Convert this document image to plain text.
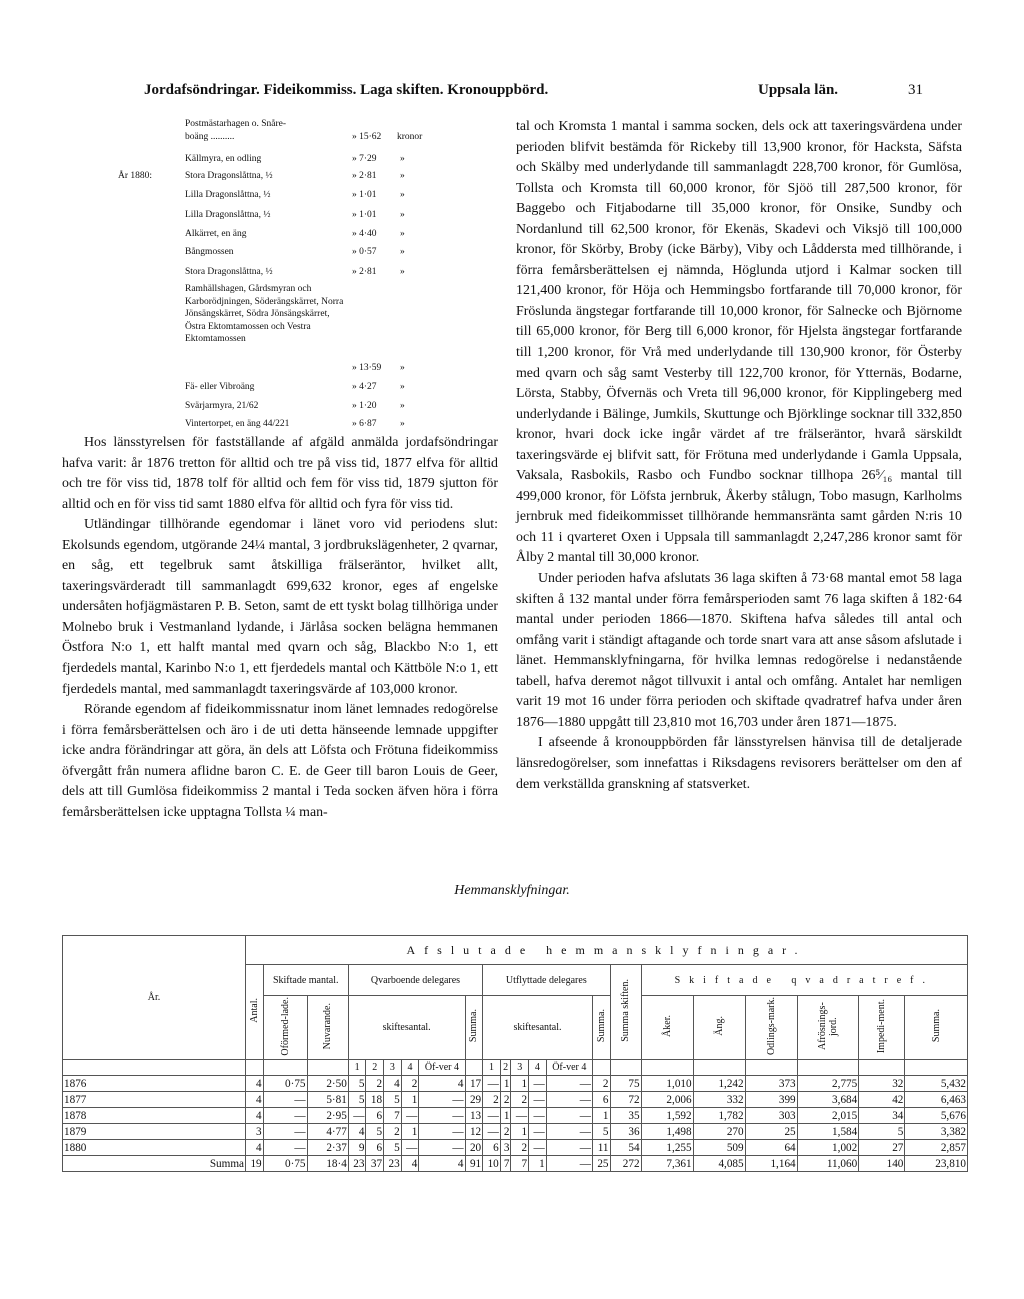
Jordafsöndringar. Fideikommiss. Laga skiften. Kronouppbörd.	Uppsala län.	31
Postmästarhagen o. Snåre-
boäng ..........	» 15·62	kronor
Källmyra, en odling	» 7·29	»
År 1880:	Stora Dragonslåttna, ½	» 2·81	»
Lilla Dragonslåttna, ½	» 1·01	»
Lilla Dragonslåttna, ½	» 1·01	»
Alkärret, en äng	» 4·40	»
Bångmossen	» 0·57	»
Stora Dragonslåttna, ½	» 2·81	»
Ramhällshagen, Gårdsmyran och Karborödjningen, Söderängskärret, Norra Jönsängskärret, Södra Jönsängskärret, Östra Ektomtamossen och Vestra Ektomtamossen
» 13·59	»
Fä- eller Vibroäng	» 4·27	»
Svärjarmyra, 21/62	» 1·20	»
Vintertorpet, en äng 44/221	» 6·87	»

Hos länsstyrelsen för fastställande af afgäld anmälda jordafsöndringar hafva varit: år 1876 tretton för alltid och tre på viss tid, 1877 elfva för alltid och tre för viss tid, 1878 tolf för alltid och fem för viss tid, 1879 sjutton för alltid och en för viss tid samt 1880 elfva för alltid och fyra för viss tid.

Utländingar tillhörande egendomar i länet voro vid periodens slut: Ekolsunds egendom, utgörande 24¼ mantal, 3 jordbrukslägenheter, 2 qvarnar, en såg, ett tegelbruk samt åtskilliga frälseräntor, hvilket allt, taxeringsvärderadt till sammanlagdt 699,632 kronor, eges af engelske undersåten hofjägmästaren P. B. Seton, samt de ett tyskt bolag tillhöriga under Molnebo bruk i Vestmanland lydande, i Järlåsa socken belägna hemmanen Östfora N:o 1, ett halft mantal med qvarn och såg, Blackbo N:o 1, ett fjerdedels mantal, Karinbo N:o 1, ett fjerdedels mantal och Kättböle N:o 1, ett fjerdedels mantal, med sammanlagdt taxeringsvärde af 103,000 kronor.

Rörande egendom af fideikommissnatur inom länet lemnades redogörelse i förra femårsberättelsen och äro i de uti detta hänseende lemnade uppgifter icke andra förändringar att göra, än dels att Löfsta och Frötuna fideikommiss öfvergått från numera aflidne baron C. E. de Geer till baron Louis de Geer, dels att till Gumlösa fideikommiss 2 mantal i Teda socken äfven höra i förra femårsberättelsen icke upptagna Tollsta ¼ man-

tal och Kromsta 1 mantal i samma socken, dels ock att taxeringsvärdena under perioden blifvit bestämda för Rickeby till 13,900 kronor, för Hackstа, Säfsta och Skälby med underlydande till sammanlagdt 228,700 kronor, för Gumlösa, Tollsta och Kromsta till 60,000 kronor, för Sjöö till 287,500 kronor, för Baggebo och Fitjabodarne till 35,000 kronor, för Onsike, Sundby och Nordanlund till 62,500 kronor, för Ekenäs, Skadevi och Viksjö till 100,000 kronor, för Skörby, Broby (icke Bärby), Viby och Lådderstа med tillhörande, i förra femårsberättelsen ej nämnda, Höglunda utjord i Kalmar socken till 121,400 kronor, för Höja och Hemmingsbo fortfarande till 70,000 kronor, för Fröslunda ängstegar fortfarande till 10,000 kronor, för Salnecke och Björnome till 65,000 kronor, för Berg till 6,000 kronor, för Hjelsta ängstegar fortfarande till 1,200 kronor, för Vrå med underlydande till 130,900 kronor, för Österby med qvarn och såg samt Vesterby till 122,700 kronor, för Ytternäs, Bodarne, Lörsta, Stabby, Öfvernäs och Vreta till 96,000 kronor, för Kipplingeberg med underlydande i Bälinge, Jumkils, Skuttunge och Björklinge socknar till 332,850 kronor, hvari dock icke ingår värdet af tre frälseräntor, hvarå särskildt taxeringsvärde ej blifvit satt, för Frötuna med underlydande i Gamla Uppsala, Vaksala, Rasbokils, Rasbo och Fundbo socknar tillhopa 26⁵⁄₁₆ mantal till 499,000 kronor, för Löfsta jernbruk, Åkerby stålugn, Tobo masugn, Karlholms jernbruk med fideikommisset tillhörande hemmansränta samt gården N:ris 10 och 11 i qvarteret Oxen i Uppsala till sammanlagdt 2,247,286 kronor samt för Ålby 2 mantal till 30,000 kronor.

Under perioden hafva afslutats 36 laga skiften å 73·68 mantal emot 58 laga skiften å 132 mantal under förra femårsperioden samt 76 laga skiften å 182·64 mantal under perioden 1866—1870. Skiftena hafva således till antal och omfång varit i ständigt aftagande och torde snart vara att anse såsom afslutade i länet. Hemmansklyfningarna, för hvilka lemnas redogörelse i nedanstående tabell, hafva deremot något tillvuxit i antal och omfång. Antalet har nemligen varit 19 mot 16 under förra perioden och skiftade qvadratref hafva under åren 1876—1880 uppgått till 23,810 mot 16,703 under åren 1871—1875.

I afseende å kronouppbörden får länsstyrelsen hänvisa till de detaljerade länsredogörelser, som innefattas i Riksdagens revisorers berättelser om den af dem verkställda granskning af statsverket.

Hemmansklyfningar.
År.	Afslutade hemmansklyfningar.																					
	Antal.	Skiftade mantal.		Qvarboende delegares						Utflyttade delegares						Summa skiften.	Skiftade qvadratref.					
		Oförmed-lade.	Nuvarande.	skiftesantal.					Summa.	skiftesantal.					Summa.		Åker.	Äng.	Odlings-mark.	Afrösnings-jord.	Impedi-ment.	Summa.
				1	2	3	4	Öf-ver 4		1	2	3	4	Öf-ver 4								
1876	4	0·75	2·50	5	2	4	2	4	17	—	1	1	—	—	2	75	1,010	1,242	373	2,775	32	5,432
1877	4	—	5·81	5	18	5	1	—	29	2	2	2	—	—	6	72	2,006	332	399	3,684	42	6,463
1878	4	—	2·95	—	6	7	—	—	13	—	1	—	—	—	1	35	1,592	1,782	303	2,015	34	5,676
1879	3	—	4·77	4	5	2	1	—	12	—	2	1	—	—	5	36	1,498	270	25	1,584	5	3,382
1880	4	—	2·37	9	6	5	—	—	20	6	3	2	—	—	11	54	1,255	509	64	1,002	27	2,857
Summa	19	0·75	18·4	23	37	23	4	4	91	10	7	7	1	—	25	272	7,361	4,085	1,164	11,060	140	23,810
